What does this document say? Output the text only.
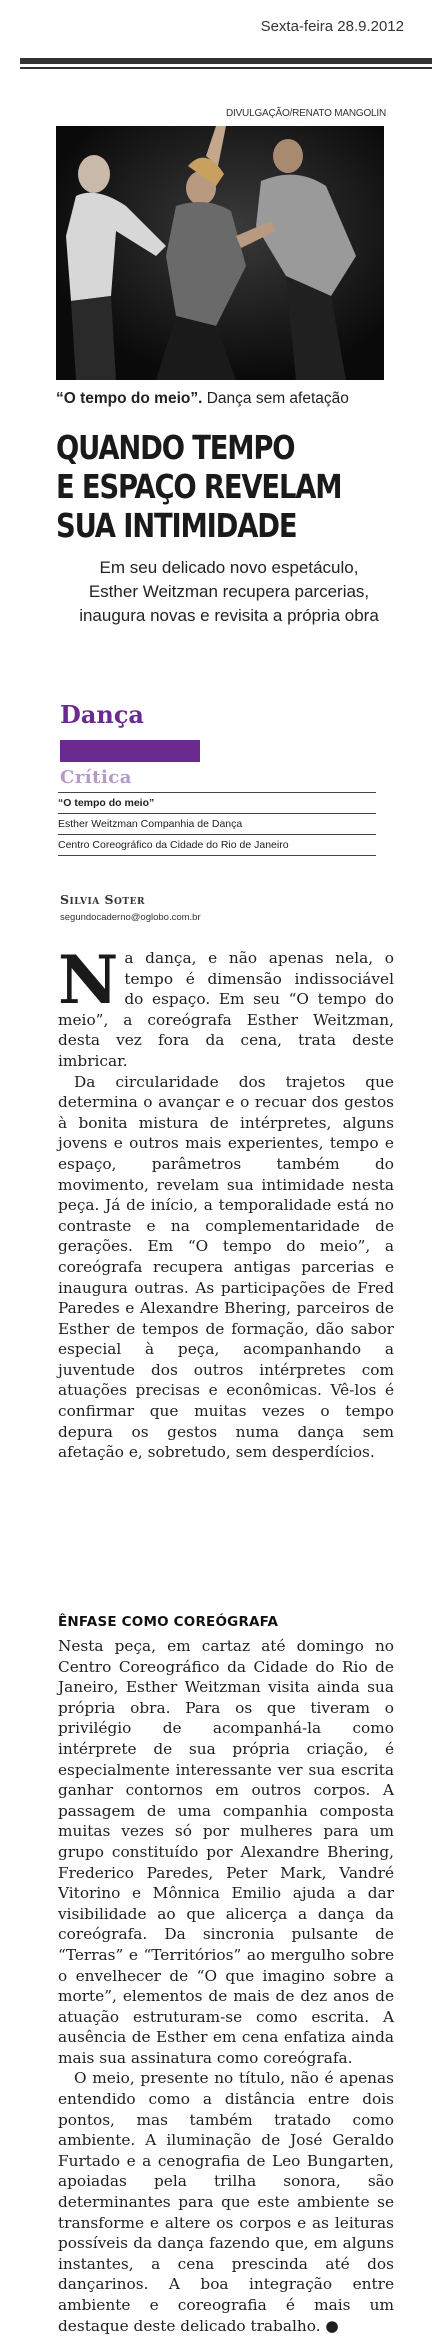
Sexta-feira 28.9.2012
DIVULGAÇÃO/RENATO MANGOLIN
“O tempo do meio”. Dança sem afetação
QUANDO TEMPO
E ESPAÇO REVELAM
SUA INTIMIDADE
Em seu delicado novo espetáculo,
Esther Weitzman recupera parcerias,
inaugura novas e revisita a própria obra
Dança
Crítica
“O tempo do meio”
Esther Weitzman Companhia de Dança
Centro Coreográfico da Cidade do Rio de Janeiro
Silvia Soter
segundocaderno@oglobo.com.br

Na dança, e não apenas nela, o tempo é dimensão indissociável do espaço. Em seu “O tempo do meio”, a coreógrafa Esther Weitzman, desta vez fora da cena, trata deste imbricar.

Da circularidade dos trajetos que determina o avançar e o recuar dos gestos à bonita mistura de intérpretes, alguns jovens e outros mais experientes, tempo e espaço, parâmetros também do movimento, revelam sua intimidade nesta peça. Já de início, a temporalidade está no contraste e na complementaridade de gerações. Em “O tempo do meio”, a coreógrafa recupera antigas parcerias e inaugura outras. As participações de Fred Paredes e Alexandre Bhering, parceiros de Esther de tempos de formação, dão sabor especial à peça, acompanhando a juventude dos outros intérpretes com atuações precisas e econômicas. Vê-los é confirmar que muitas vezes o tempo depura os gestos numa dança sem afetação e, sobretudo, sem desperdícios.

ÊNFASE COMO COREÓGRAFA

Nesta peça, em cartaz até domingo no Centro Coreográfico da Cidade do Rio de Janeiro, Esther Weitzman visita ainda sua própria obra. Para os que tiveram o privilégio de acompanhá-la como intérprete de sua própria criação, é especialmente interessante ver sua escrita ganhar contornos em outros corpos. A passagem de uma companhia composta muitas vezes só por mulheres para um grupo constituído por Alexandre Bhering, Frederico Paredes, Peter Mark, Vandré Vitorino e Mônnica Emilio ajuda a dar visibilidade ao que alicerça a dança da coreógrafa. Da sincronia pulsante de “Terras” e “Territórios” ao mergulho sobre o envelhecer de “O que imagino sobre a morte”, elementos de mais de dez anos de atuação estruturam-se como escrita. A ausência de Esther em cena enfatiza ainda mais sua assinatura como coreógrafa.

O meio, presente no título, não é apenas entendido como a distância entre dois pontos, mas também tratado como ambiente. A iluminação de José Geraldo Furtado e a cenografia de Leo Bungarten, apoiadas pela trilha sonora, são determinantes para que este ambiente se transforme e altere os corpos e as leituras possíveis da dança fazendo que, em alguns instantes, a cena prescinda até dos dançarinos. A boa integração entre ambiente e coreografia é mais um destaque deste delicado trabalho. ●
